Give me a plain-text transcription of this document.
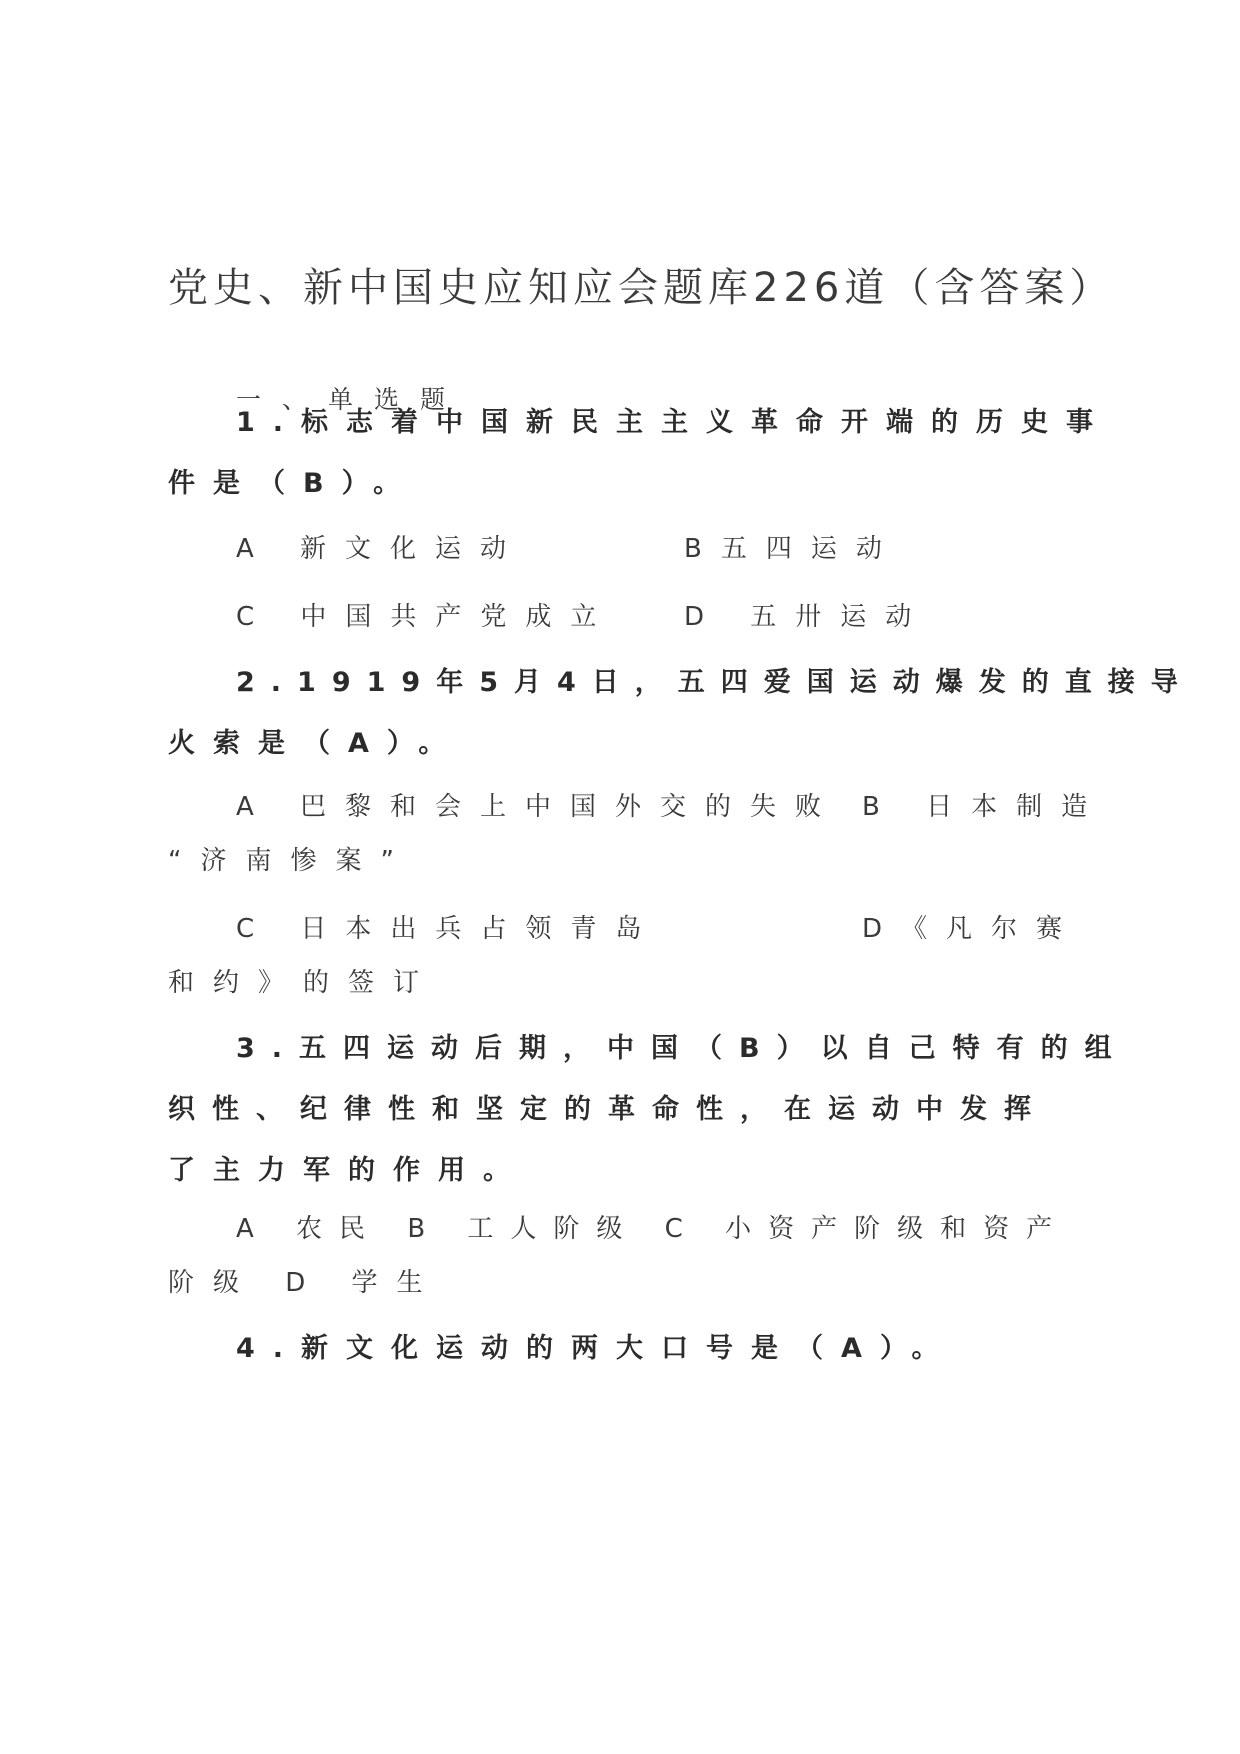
党史、新中国史应知应会题库226道（含答案）
一、单选题
1.标志着中国新民主主义革命开端的历史事
件是（B）。
A 新文化运动	B五四运动
C 中国共产党成立	D 五卅运动
2.1919年5月4日，五四爱国运动爆发的直接导
火索是（A）。
A 巴黎和会上中国外交的失败 B 日本制造
“济南惨案”
C 日本出兵占领青岛	D《凡尔赛
和约》的签订
3.五四运动后期，中国（B）以自己特有的组
织性、纪律性和坚定的革命性，在运动中发挥
了主力军的作用。
A 农民 B 工人阶级 C 小资产阶级和资产
阶级 D 学生
4.新文化运动的两大口号是（A）。
